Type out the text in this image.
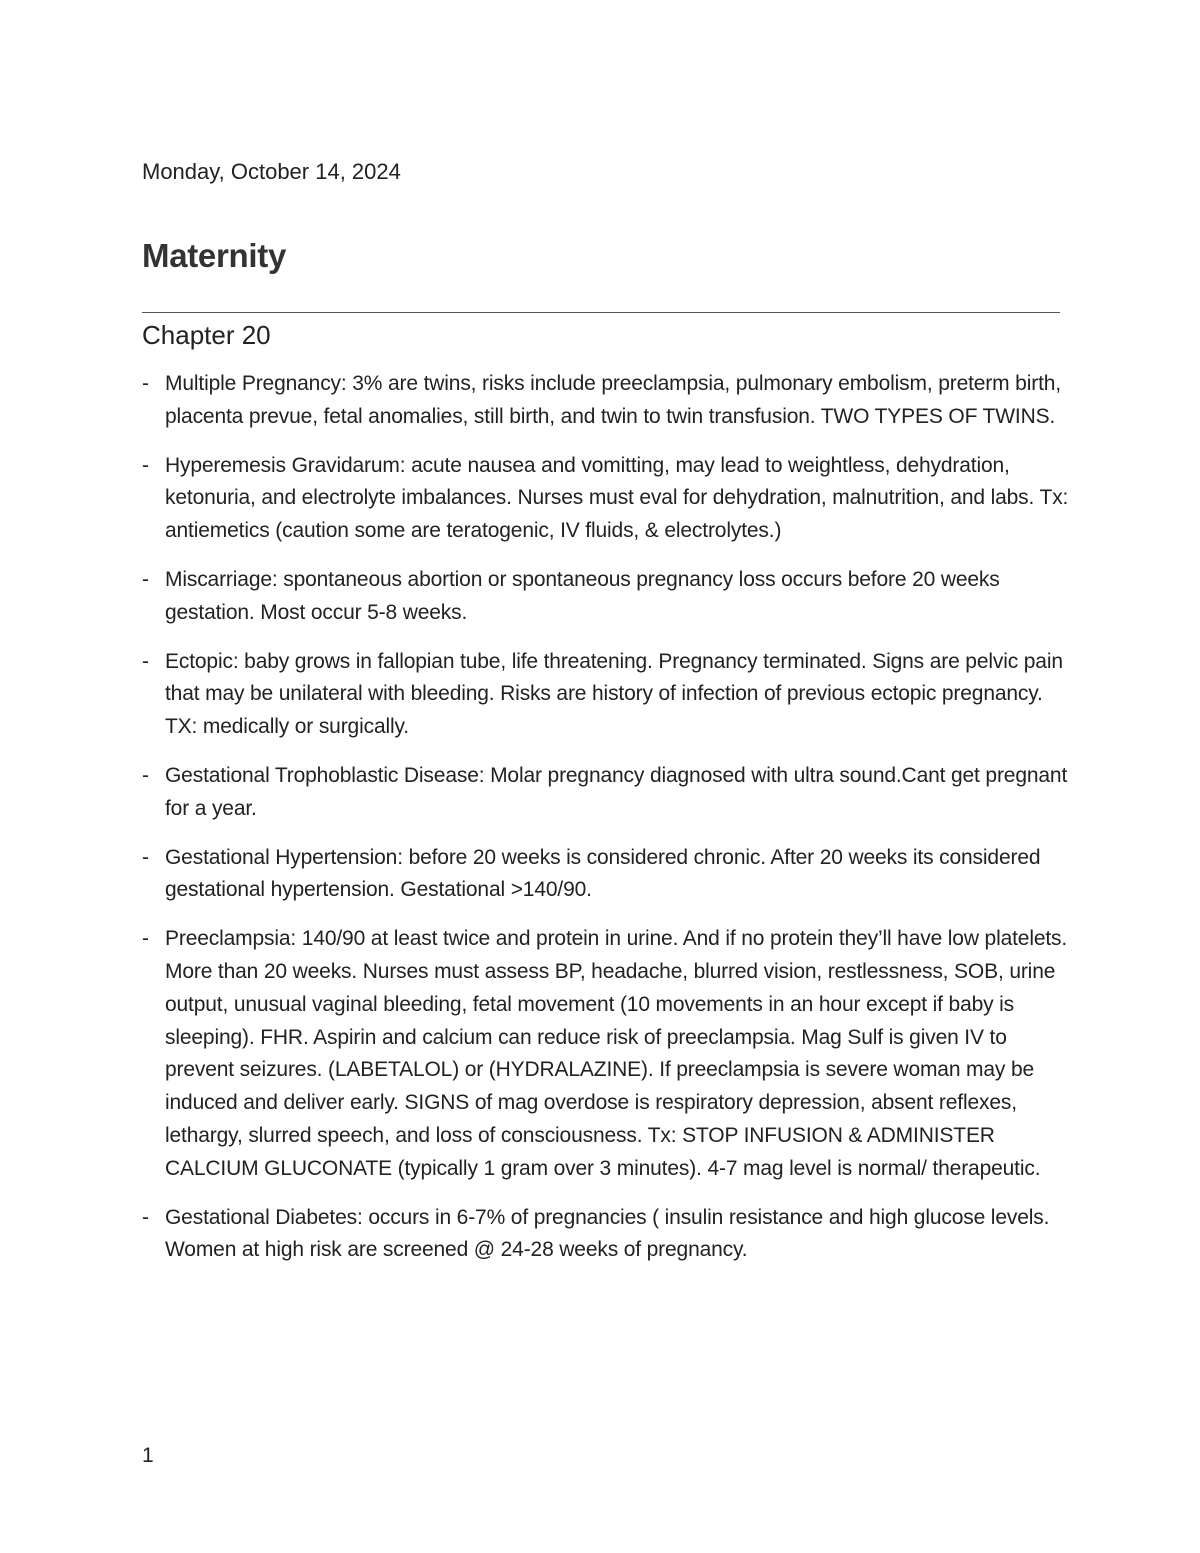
Monday, October 14, 2024
Maternity
Chapter 20
- Multiple Pregnancy: 3% are twins, risks include preeclampsia, pulmonary embolism, preterm birth, placenta prevue, fetal anomalies, still birth, and twin to twin transfusion. TWO TYPES OF TWINS.
- Hyperemesis Gravidarum: acute nausea and vomitting, may lead to weightless, dehydration, ketonuria, and electrolyte imbalances. Nurses must eval for dehydration, malnutrition, and labs. Tx: antiemetics (caution some are teratogenic, IV fluids, & electrolytes.)
- Miscarriage: spontaneous abortion or spontaneous pregnancy loss occurs before 20 weeks gestation. Most occur 5-8 weeks.
- Ectopic: baby grows in fallopian tube, life threatening. Pregnancy terminated. Signs are pelvic pain that may be unilateral with bleeding. Risks are history of infection of previous ectopic pregnancy. TX: medically or surgically.
- Gestational Trophoblastic Disease: Molar pregnancy diagnosed with ultra sound.Cant get pregnant for a year.
- Gestational Hypertension: before 20 weeks is considered chronic. After 20 weeks its considered gestational hypertension. Gestational >140/90.
- Preeclampsia: 140/90 at least twice and protein in urine. And if no protein they’ll have low platelets. More than 20 weeks. Nurses must assess BP, headache, blurred vision, restlessness, SOB, urine output, unusual vaginal bleeding, fetal movement (10 movements in an hour except if baby is sleeping). FHR. Aspirin and calcium can reduce risk of preeclampsia. Mag Sulf is given IV to prevent seizures. (LABETALOL) or (HYDRALAZINE). If preeclampsia is severe woman may be induced and deliver early. SIGNS of mag overdose is respiratory depression, absent reflexes, lethargy, slurred speech, and loss of consciousness. Tx: STOP INFUSION & ADMINISTER CALCIUM GLUCONATE (typically 1 gram over 3 minutes). 4-7 mag level is normal/ therapeutic.
- Gestational Diabetes: occurs in 6-7% of pregnancies ( insulin resistance and high glucose levels. Women at high risk are screened @ 24-28 weeks of pregnancy.
1
